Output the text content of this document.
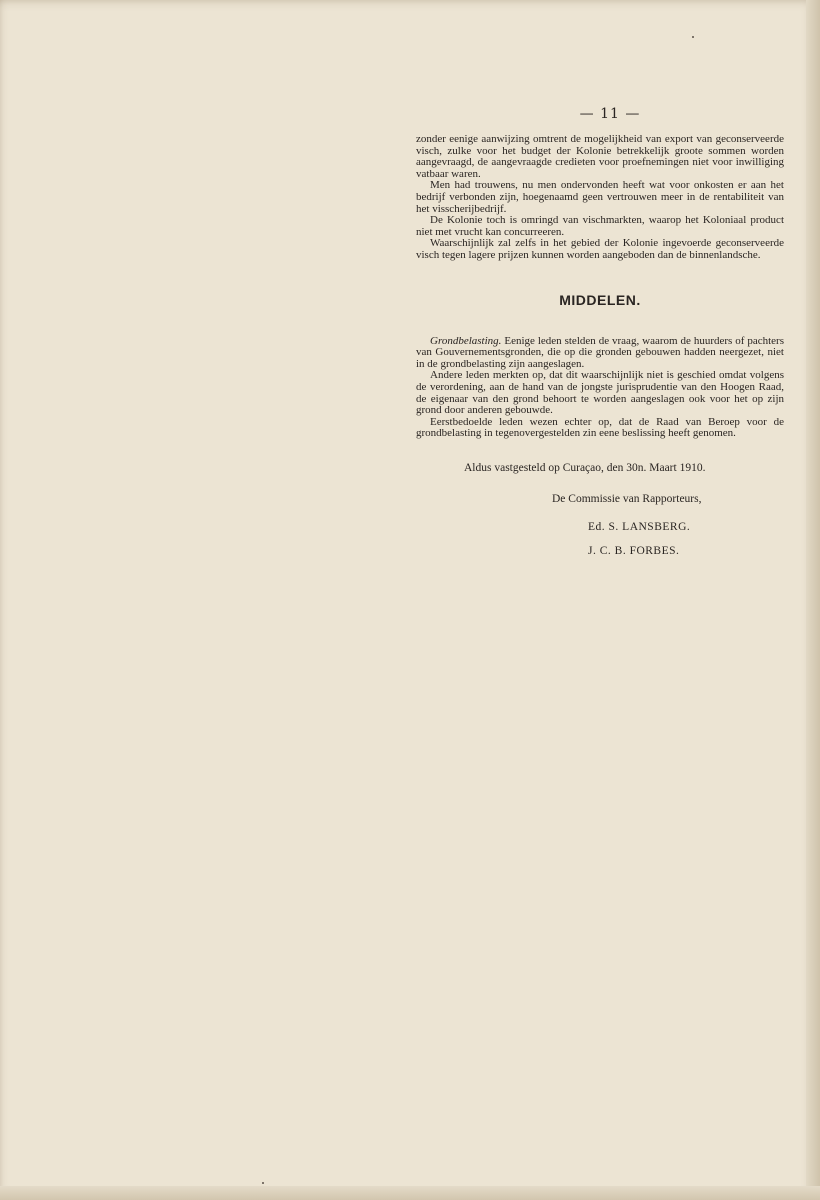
— 11 —

zonder eenige aanwijzing omtrent de mogelijkheid van export van geconserveerde visch, zulke voor het budget der Kolonie betrekkelijk groote sommen worden aangevraagd, de aangevraagde credieten voor proefnemingen niet voor inwilliging vatbaar waren.

Men had trouwens, nu men ondervonden heeft wat voor onkosten er aan het bedrijf verbonden zijn, hoegenaamd geen vertrouwen meer in de rentabiliteit van het visscherijbedrijf.

De Kolonie toch is omringd van vischmarkten, waarop het Koloniaal product niet met vrucht kan concurreeren.

Waarschijnlijk zal zelfs in het gebied der Kolonie ingevoerde geconserveerde visch tegen lagere prijzen kunnen worden aangeboden dan de binnenlandsche.

MIDDELEN.

Grondbelasting. Eenige leden stelden de vraag, waarom de huurders of pachters van Gouvernementsgronden, die op die gronden gebouwen hadden neergezet, niet in de grondbelasting zijn aangeslagen.

Andere leden merkten op, dat dit waarschijnlijk niet is geschied omdat volgens de verordening, aan de hand van de jongste jurisprudentie van den Hoogen Raad, de eigenaar van den grond behoort te worden aangeslagen ook voor het op zijn grond door anderen gebouwde.

Eerstbedoelde leden wezen echter op, dat de Raad van Beroep voor de grondbelasting in tegenovergestelden zin eene beslissing heeft genomen.

Aldus vastgesteld op Curaçao, den 30n. Maart 1910.

De Commissie van Rapporteurs,

Ed. S. LANSBERG.

J. C. B. FORBES.
